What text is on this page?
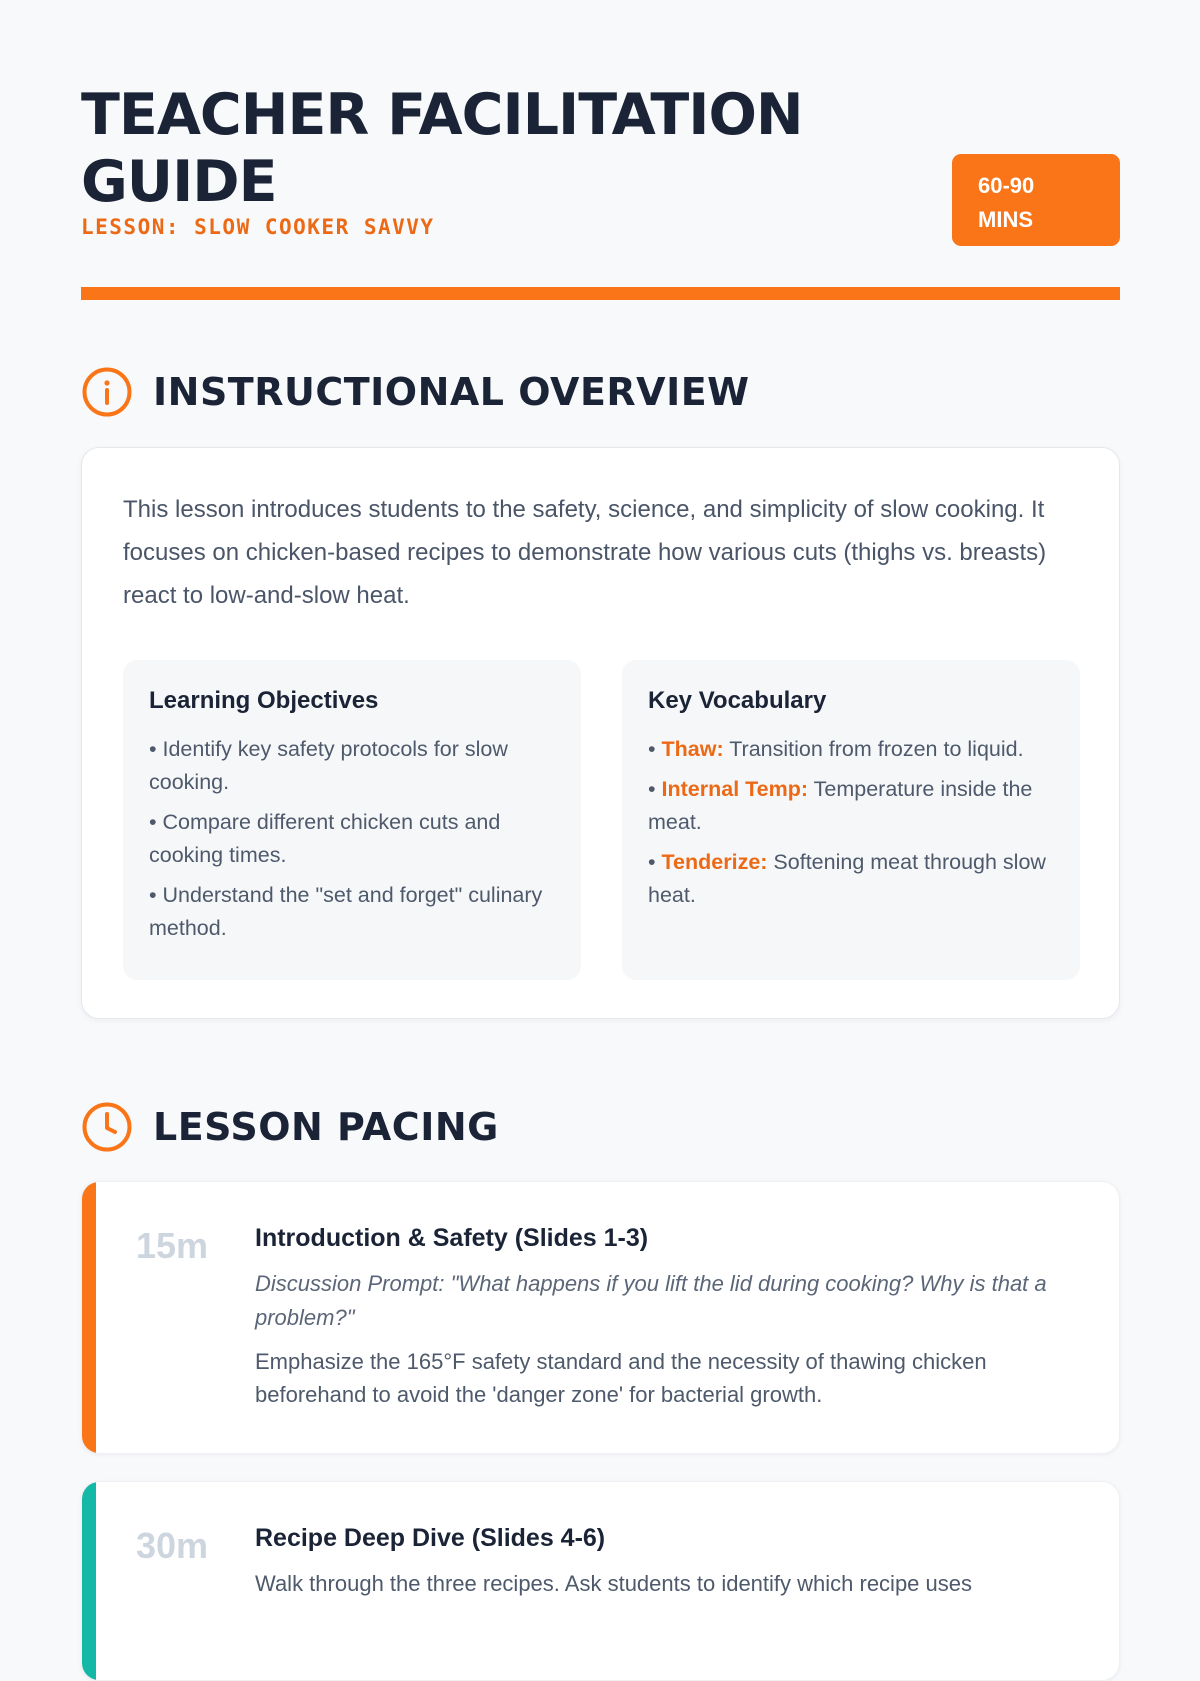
TEACHER FACILITATION
GUIDE
LESSON: SLOW COOKER SAVVY
60-90
MINS
INSTRUCTIONAL OVERVIEW

This lesson introduces students to the safety, science, and simplicity of slow cooking. It focuses on chicken-based recipes to demonstrate how various cuts (thighs vs. breasts) react to low-and-slow heat.

Learning Objectives
• Identify key safety protocols for slow cooking.
• Compare different chicken cuts and cooking times.
• Understand the "set and forget" culinary method.
Key Vocabulary
• Thaw: Transition from frozen to liquid.
• Internal Temp: Temperature inside the meat.
• Tenderize: Softening meat through slow heat.
LESSON PACING
15m Introduction & Safety (Slides 1-3)

Discussion Prompt: "What happens if you lift the lid during cooking? Why is that a problem?"

Emphasize the 165°F safety standard and the necessity of thawing chicken beforehand to avoid the 'danger zone' for bacterial growth.

30m Recipe Deep Dive (Slides 4-6)

Walk through the three recipes. Ask students to identify which recipe uses
